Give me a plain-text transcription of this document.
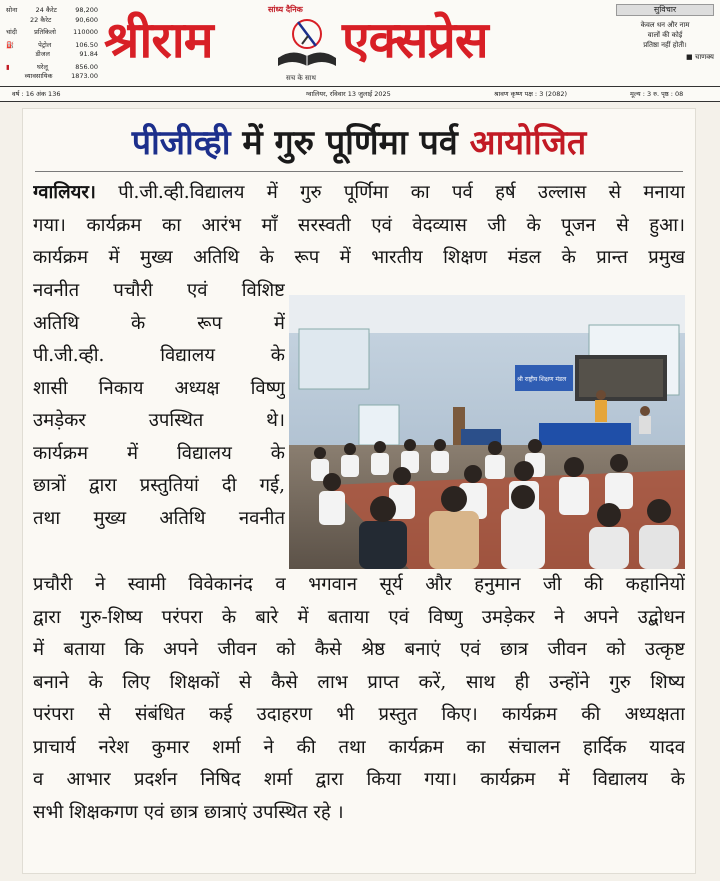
सोना	24 कैरेट	98,200
22 कैरेट	90,600
चांदी	प्रतिकिलो	110000
⛽	पेट्रोल	106.50
डीजल	91.84
▮	घरेलू	856.00
व्यावसायिक	1873.00
सांध्य दैनिक
श्रीराम
सच के साथ
एक्सप्रेस
सुविचार
केवल धन और नाम
वालों की कोई
प्रतिष्ठा नहीं होती।
■ चाणक्य
वर्ष : 16 अंक 136	ग्वालियर, रविवार 13 जुलाई 2025	श्रावण कृष्ण पक्ष : 3 (2082)	मूल्य : 3 रु. पृष्ठ : 08
पीजीव्ही में गुरु पूर्णिमा पर्व आयोजित
ग्वालियर। पी.जी.व्ही.विद्यालय में गुरु पूर्णिमा का पर्व हर्ष उल्लास से मनाया
गया। कार्यक्रम का आरंभ माँ सरस्वती एवं वेदव्यास जी के पूजन से हुआ।
कार्यक्रम में मुख्य अतिथि के रूप में भारतीय शिक्षण मंडल के प्रान्त प्रमुख
नवनीत पचौरी एवं विशिष्ट
अतिथि के रूप में
पी.जी.व्ही. विद्यालय के
शासी निकाय अध्यक्ष विष्णु
उमड़ेकर उपस्थित थे।
कार्यक्रम में विद्यालय के
छात्रों द्वारा प्रस्तुतियां दी गई,
तथा मुख्य अतिथि नवनीत
श्री राष्ट्रीय शिक्षण मंडल
प्रचौरी ने स्वामी विवेकानंद व भगवान सूर्य और हनुमान जी की कहानियों
द्वारा गुरु-शिष्य परंपरा के बारे में बताया एवं विष्णु उमड़ेकर ने अपने उद्बोधन
में बताया कि अपने जीवन को कैसे श्रेष्ठ बनाएं एवं छात्र जीवन को उत्कृष्ट
बनाने के लिए शिक्षकों से कैसे लाभ प्राप्त करें, साथ ही उन्होंने गुरु शिष्य
परंपरा से संबंधित कई उदाहरण भी प्रस्तुत किए। कार्यक्रम की अध्यक्षता
प्राचार्य नरेश कुमार शर्मा ने की तथा कार्यक्रम का संचालन हार्दिक यादव
व आभार प्रदर्शन निषिद शर्मा द्वारा किया गया। कार्यक्रम में विद्यालय के
सभी शिक्षकगण एवं छात्र छात्राएं उपस्थित रहे ।
